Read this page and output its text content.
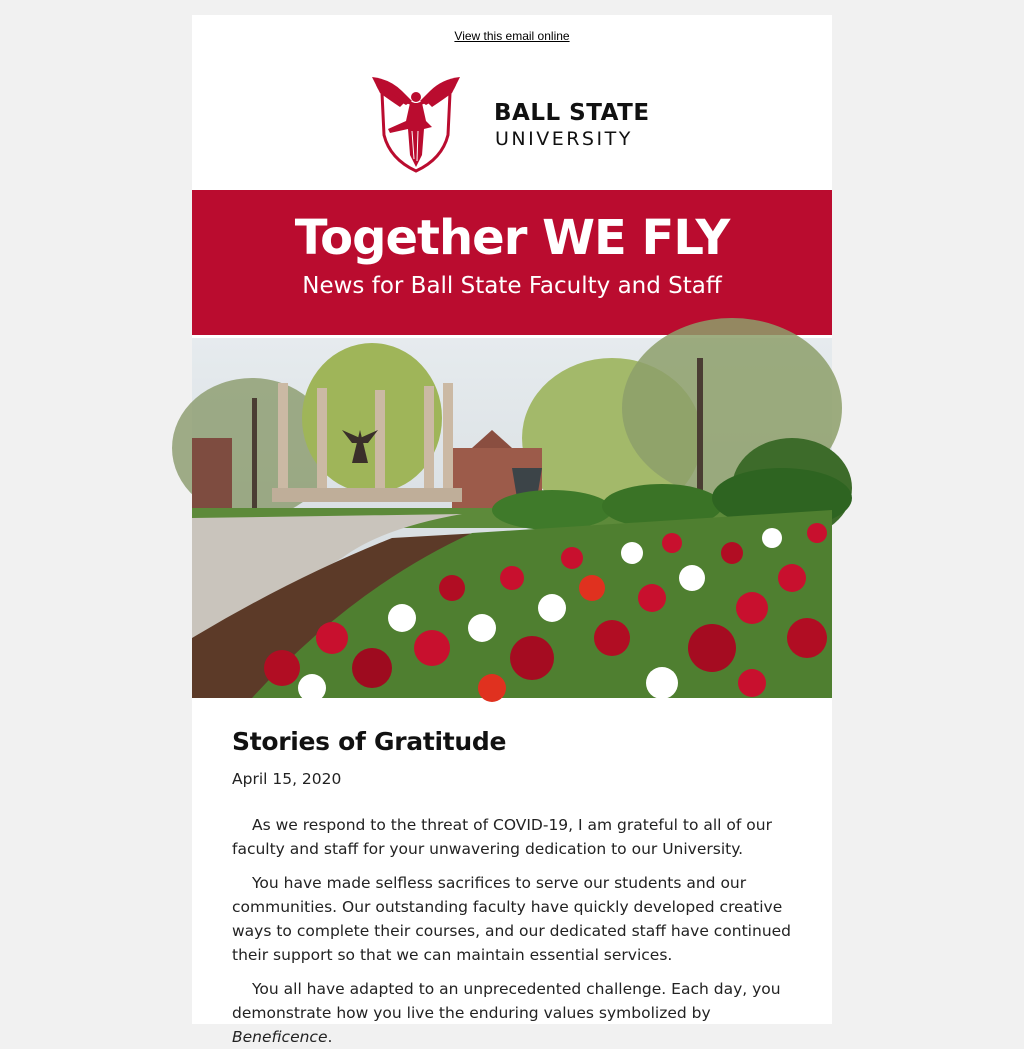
View this email online
BALL STATE
UNIVERSITY
Together WE FLY
News for Ball State Faculty and Staff
Stories of Gratitude
April 15, 2020

As we respond to the threat of COVID-19, I am grateful to all of our faculty and staff for your unwavering dedication to our University.

You have made selfless sacrifices to serve our students and our communities. Our outstanding faculty have quickly developed creative ways to complete their courses, and our dedicated staff have continued their support so that we can maintain essential services.

You all have adapted to an unprecedented challenge. Each day, you demonstrate how you live the enduring values symbolized by Beneficence.
